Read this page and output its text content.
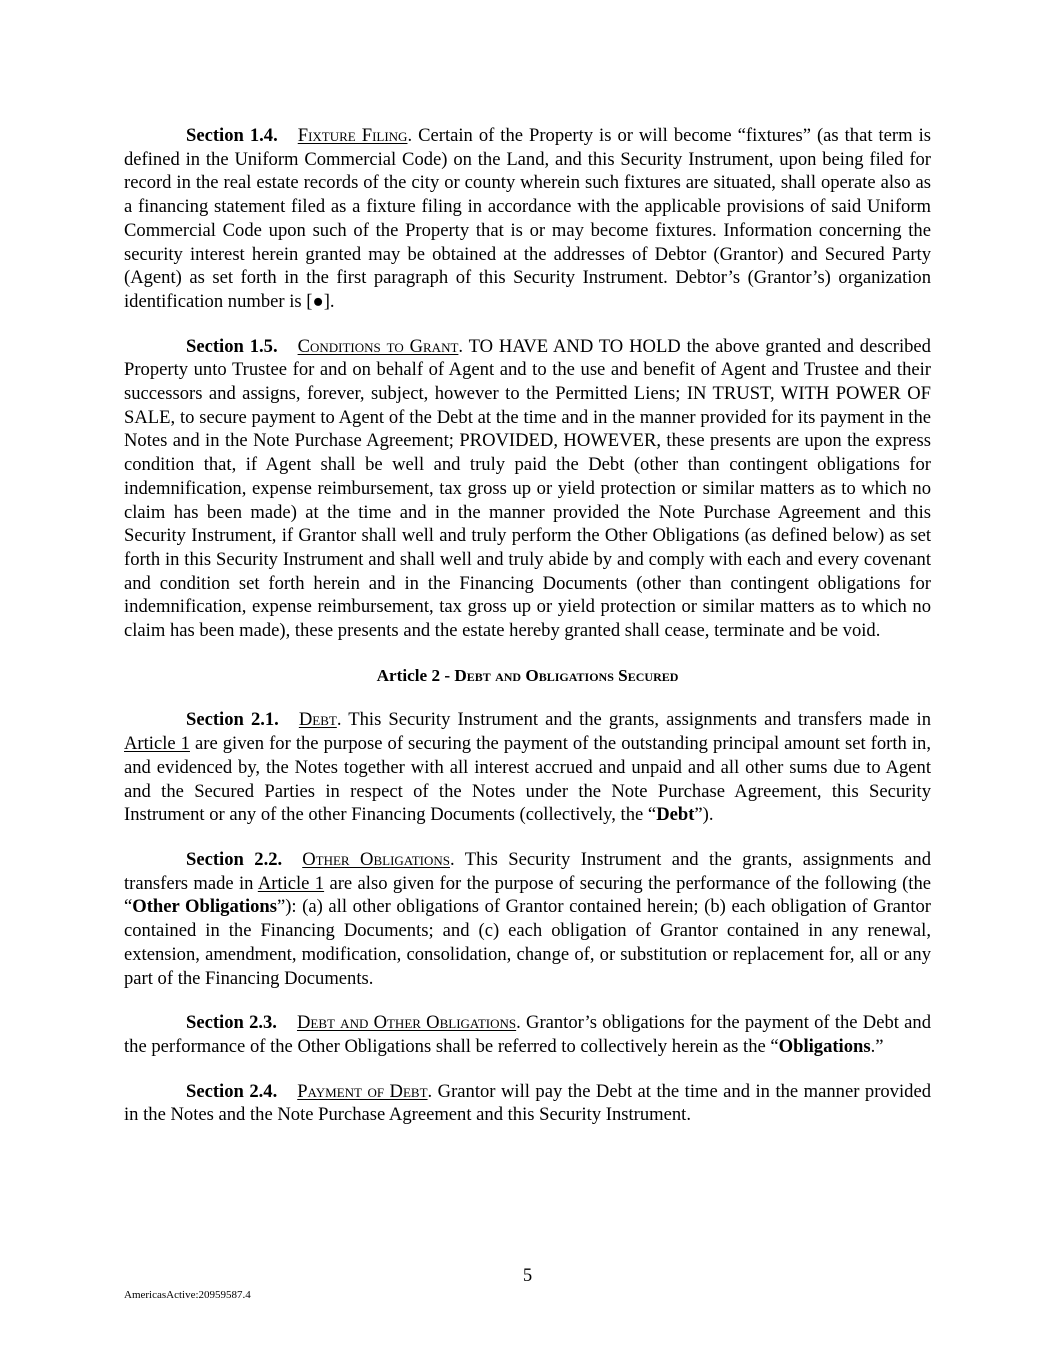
Section 1.4. Fixture Filing. Certain of the Property is or will become “fixtures” (as that term is defined in the Uniform Commercial Code) on the Land, and this Security Instrument, upon being filed for record in the real estate records of the city or county wherein such fixtures are situated, shall operate also as a financing statement filed as a fixture filing in accordance with the applicable provisions of said Uniform Commercial Code upon such of the Property that is or may become fixtures. Information concerning the security interest herein granted may be obtained at the addresses of Debtor (Grantor) and Secured Party (Agent) as set forth in the first paragraph of this Security Instrument. Debtor’s (Grantor’s) organization identification number is [●].

Section 1.5. Conditions to Grant. TO HAVE AND TO HOLD the above granted and described Property unto Trustee for and on behalf of Agent and to the use and benefit of Agent and Trustee and their successors and assigns, forever, subject, however to the Permitted Liens; IN TRUST, WITH POWER OF SALE, to secure payment to Agent of the Debt at the time and in the manner provided for its payment in the Notes and in the Note Purchase Agreement; PROVIDED, HOWEVER, these presents are upon the express condition that, if Agent shall be well and truly paid the Debt (other than contingent obligations for indemnification, expense reimbursement, tax gross up or yield protection or similar matters as to which no claim has been made) at the time and in the manner provided the Note Purchase Agreement and this Security Instrument, if Grantor shall well and truly perform the Other Obligations (as defined below) as set forth in this Security Instrument and shall well and truly abide by and comply with each and every covenant and condition set forth herein and in the Financing Documents (other than contingent obligations for indemnification, expense reimbursement, tax gross up or yield protection or similar matters as to which no claim has been made), these presents and the estate hereby granted shall cease, terminate and be void.

Article 2 - Debt and Obligations Secured

Section 2.1. Debt. This Security Instrument and the grants, assignments and transfers made in Article 1 are given for the purpose of securing the payment of the outstanding principal amount set forth in, and evidenced by, the Notes together with all interest accrued and unpaid and all other sums due to Agent and the Secured Parties in respect of the Notes under the Note Purchase Agreement, this Security Instrument or any of the other Financing Documents (collectively, the “Debt”).

Section 2.2. Other Obligations. This Security Instrument and the grants, assignments and transfers made in Article 1 are also given for the purpose of securing the performance of the following (the “Other Obligations”): (a) all other obligations of Grantor contained herein; (b) each obligation of Grantor contained in the Financing Documents; and (c) each obligation of Grantor contained in any renewal, extension, amendment, modification, consolidation, change of, or substitution or replacement for, all or any part of the Financing Documents.

Section 2.3. Debt and Other Obligations. Grantor’s obligations for the payment of the Debt and the performance of the Other Obligations shall be referred to collectively herein as the “Obligations.”

Section 2.4. Payment of Debt. Grantor will pay the Debt at the time and in the manner provided in the Notes and the Note Purchase Agreement and this Security Instrument.

5
AmericasActive:20959587.4
